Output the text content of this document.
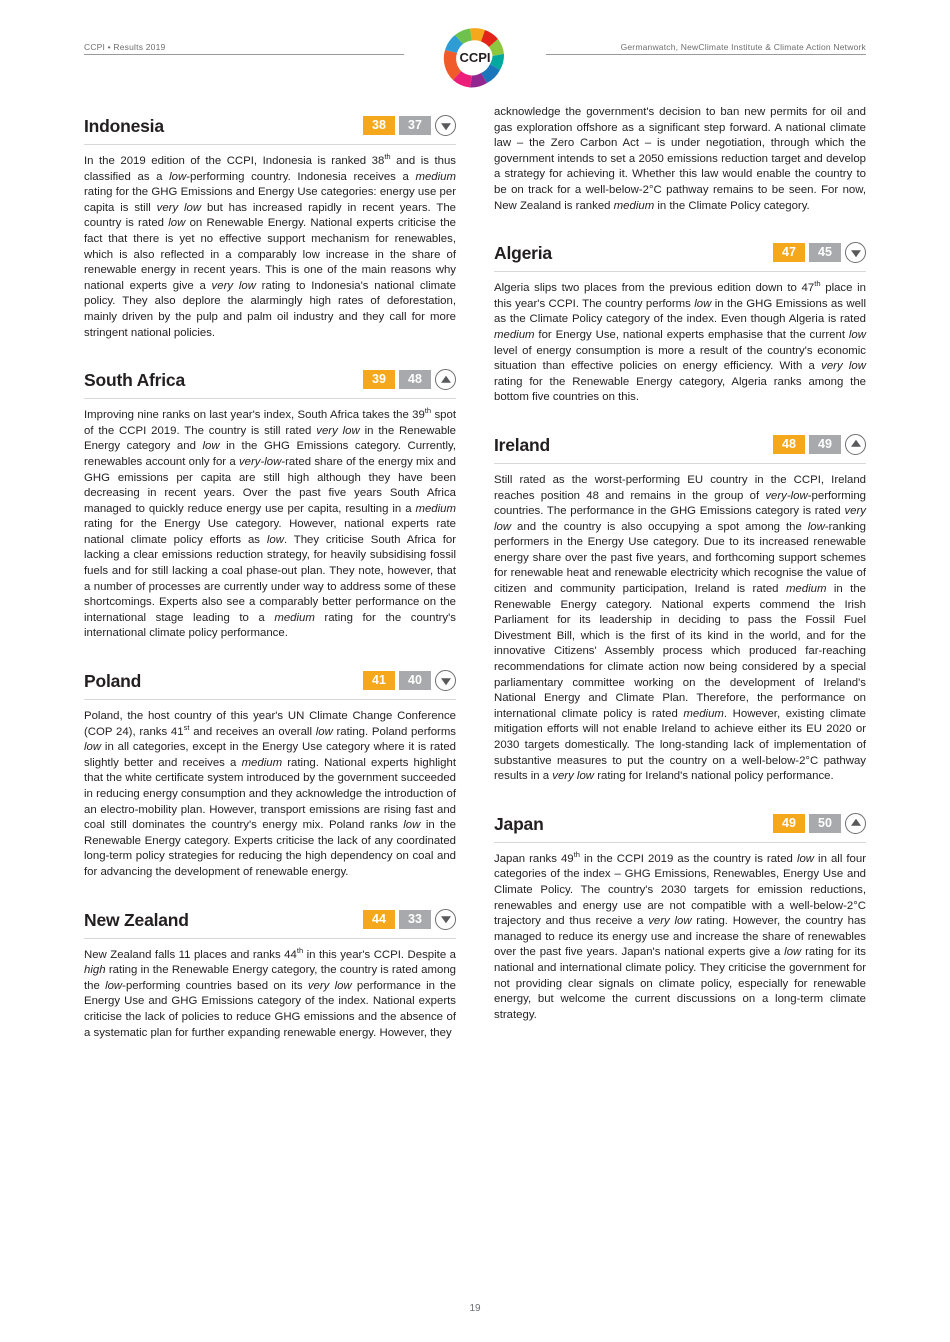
CCPI • Results 2019	Germanwatch, NewClimate Institute & Climate Action Network
CCPI
Indonesia	38	37

In the 2019 edition of the CCPI, Indonesia is ranked 38th and is thus classified as a low-performing country. Indonesia receives a medium rating for the GHG Emissions and Energy Use categories: energy use per capita is still very low but has increased rapidly in recent years. The country is rated low on Renewable Energy. National experts criticise the fact that there is yet no effective support mechanism for renewables, which is also reflected in a comparably low increase in the share of renewable energy in recent years. This is one of the main reasons why national experts give a very low rating to Indonesia's national climate policy. They also deplore the alarmingly high rates of deforestation, mainly driven by the pulp and palm oil industry and they call for more stringent national policies.

South Africa	39	48

Improving nine ranks on last year's index, South Africa takes the 39th spot of the CCPI 2019. The country is still rated very low in the Renewable Energy category and low in the GHG Emissions category. Currently, renewables account only for a very-low-rated share of the energy mix and GHG emissions per capita are still high although they have been decreasing in recent years. Over the past five years South Africa managed to quickly reduce energy use per capita, resulting in a medium rating for the Energy Use category. However, national experts rate national climate policy efforts as low. They criticise South Africa for lacking a clear emissions reduction strategy, for heavily subsidising fossil fuels and for still lacking a coal phase-out plan. They note, however, that a number of processes are currently under way to address some of these shortcomings. Experts also see a comparably better performance on the international stage leading to a medium rating for the country's international climate policy performance.

Poland	41	40

Poland, the host country of this year's UN Climate Change Conference (COP 24), ranks 41st and receives an overall low rating. Poland performs low in all categories, except in the Energy Use category where it is rated slightly better and receives a medium rating. National experts highlight that the white certificate system introduced by the government succeeded in reducing energy consumption and they acknowledge the introduction of an electro-mobility plan. However, transport emissions are rising fast and coal still dominates the country's energy mix. Poland ranks low in the Renewable Energy category. Experts criticise the lack of any coordinated long-term policy strategies for reducing the high dependency on coal and for advancing the development of renewable energy.

New Zealand	44	33

New Zealand falls 11 places and ranks 44th in this year's CCPI. Despite a high rating in the Renewable Energy category, the country is rated among the low-performing countries based on its very low performance in the Energy Use and GHG Emissions category of the index. National experts criticise the lack of policies to reduce GHG emissions and the absence of a systematic plan for further expanding renewable energy. However, they

acknowledge the government's decision to ban new permits for oil and gas exploration offshore as a significant step forward. A national climate law – the Zero Carbon Act – is under negotiation, through which the government intends to set a 2050 emissions reduction target and develop a strategy for achieving it. Whether this law would enable the country to be on track for a well-below-2°C pathway remains to be seen. For now, New Zealand is ranked medium in the Climate Policy category.

Algeria	47	45

Algeria slips two places from the previous edition down to 47th place in this year's CCPI. The country performs low in the GHG Emissions as well as the Climate Policy category of the index. Even though Algeria is rated medium for Energy Use, national experts emphasise that the current low level of energy consumption is more a result of the country's economic situation than effective policies on energy efficiency. With a very low rating for the Renewable Energy category, Algeria ranks among the bottom five countries on this.

Ireland	48	49

Still rated as the worst-performing EU country in the CCPI, Ireland reaches position 48 and remains in the group of very-low-performing countries. The performance in the GHG Emissions category is rated very low and the country is also occupying a spot among the low-ranking performers in the Energy Use category. Due to its increased renewable energy share over the past five years, and forthcoming support schemes for renewable heat and renewable electricity which recognise the value of citizen and community participation, Ireland is rated medium in the Renewable Energy category. National experts commend the Irish Parliament for its leadership in deciding to pass the Fossil Fuel Divestment Bill, which is the first of its kind in the world, and for the innovative Citizens' Assembly process which produced far-reaching recommendations for climate action now being considered by a special parliamentary committee working on the development of Ireland's National Energy and Climate Plan. Therefore, the performance on international climate policy is rated medium. However, existing climate mitigation efforts will not enable Ireland to achieve either its EU 2020 or 2030 targets domestically. The long-standing lack of implementation of substantive measures to put the country on a well-below-2°C pathway results in a very low rating for Ireland's national policy performance.

Japan	49	50

Japan ranks 49th in the CCPI 2019 as the country is rated low in all four categories of the index – GHG Emissions, Renewables, Energy Use and Climate Policy. The country's 2030 targets for emission reductions, renewables and energy use are not compatible with a well-below-2°C trajectory and thus receive a very low rating. However, the country has managed to reduce its energy use and increase the share of renewables over the past five years. Japan's national experts give a low rating for its national and international climate policy. They criticise the government for not providing clear signals on climate policy, especially for renewable energy, but welcome the current discussions on a long-term climate strategy.

19
